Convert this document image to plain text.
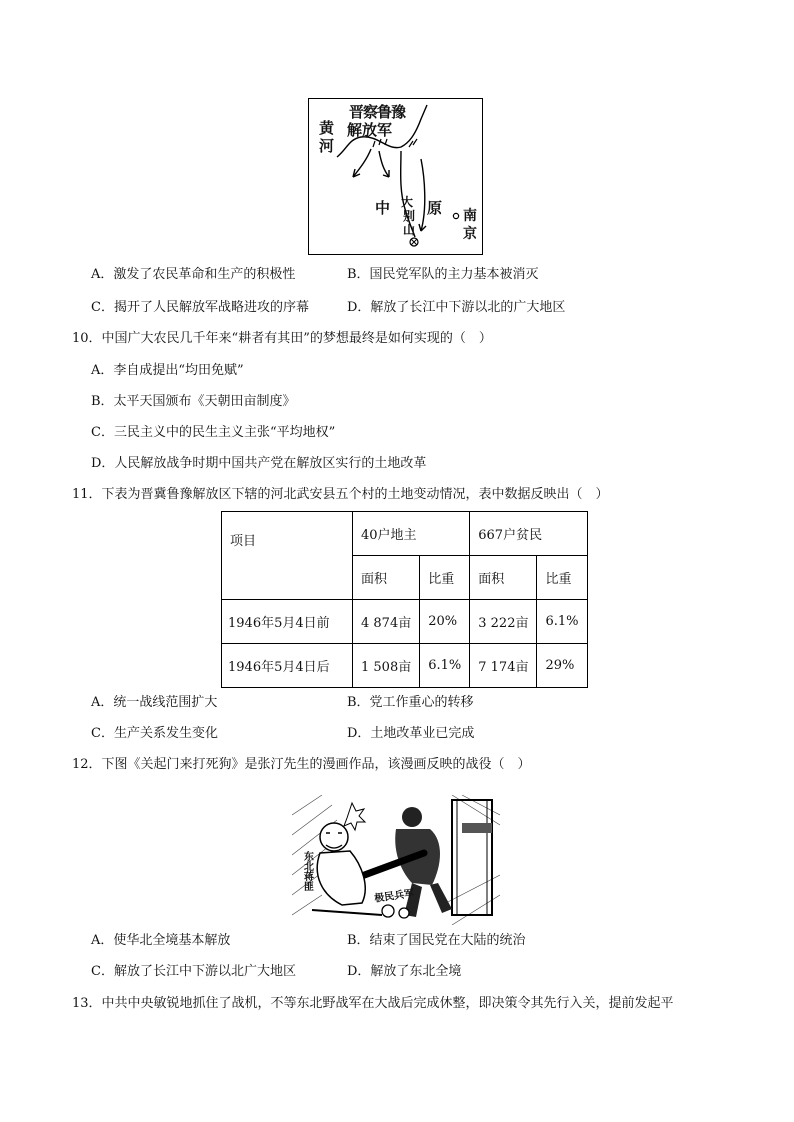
晋察鲁豫
解放军
黄
河
中 原
大
别
山
南
京
A．激发了农民革命和生产的积极性	B．国民党军队的主力基本被消灭
C．揭开了人民解放军战略进攻的序幕	D．解放了长江中下游以北的广大地区
10．中国广大农民几千年来“耕者有其田”的梦想最终是如何实现的（　）
A．李自成提出“均田免赋”
B．太平天国颁布《天朝田亩制度》
C．三民主义中的民生主义主张“平均地权”
D．人民解放战争时期中国共产党在解放区实行的土地改革
11．下表为晋冀鲁豫解放区下辖的河北武安县五个村的土地变动情况，表中数据反映出（　）
项目	40户地主		667户贫民	
	面积	比重	面积	比重
1946年5月4日前	4 874亩	20%	3 222亩	6.1%
1946年5月4日后	1 508亩	6.1%	7 174亩	29%
A．统一战线范围扩大	B．党工作重心的转移
C．生产关系发生变化	D．土地改革业已完成
12．下图《关起门来打死狗》是张汀先生的漫画作品，该漫画反映的战役（　）
东北蒋匪
极民兵军
A．使华北全境基本解放	B．结束了国民党在大陆的统治
C．解放了长江中下游以北广大地区	D．解放了东北全境
13．中共中央敏锐地抓住了战机，不等东北野战军在大战后完成休整，即决策令其先行入关，提前发起平
